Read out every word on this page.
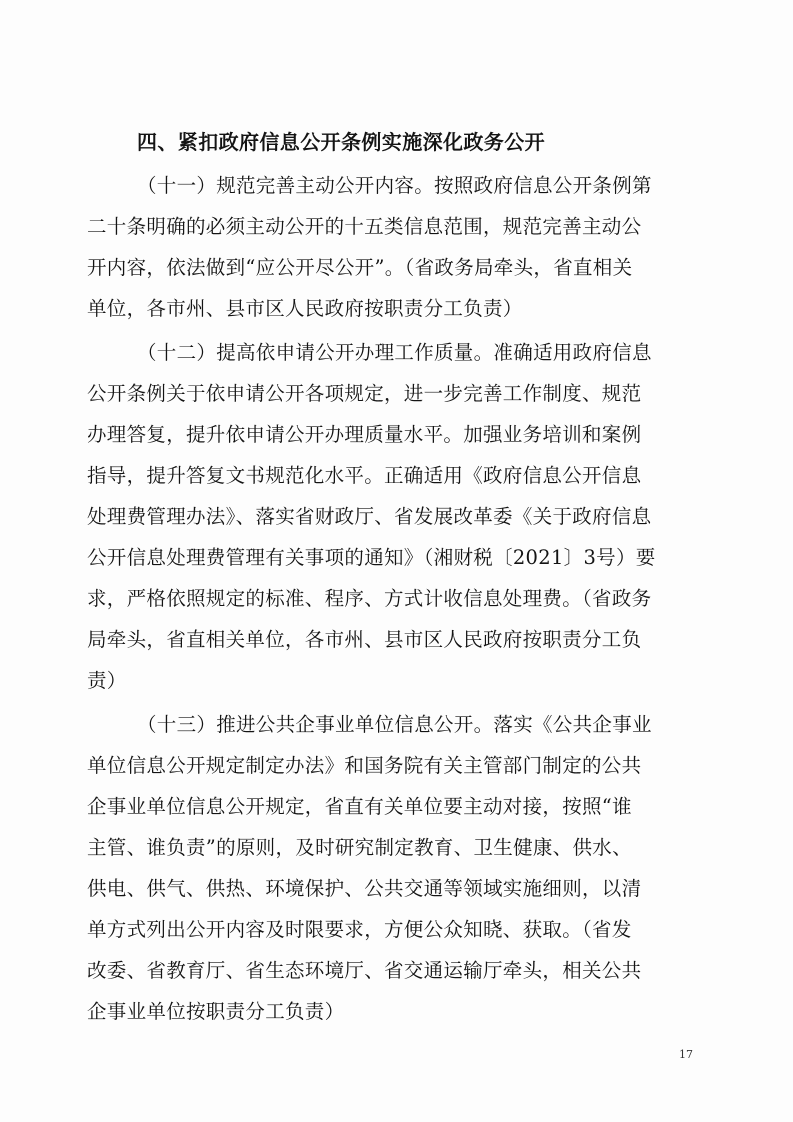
四、紧扣政府信息公开条例实施深化政务公开
（十一）规范完善主动公开内容。按照政府信息公开条例第
二十条明确的必须主动公开的十五类信息范围，规范完善主动公
开内容，依法做到“应公开尽公开”。（省政务局牵头，省直相关
单位，各市州、县市区人民政府按职责分工负责）
（十二）提高依申请公开办理工作质量。准确适用政府信息
公开条例关于依申请公开各项规定，进一步完善工作制度、规范
办理答复，提升依申请公开办理质量水平。加强业务培训和案例
指导，提升答复文书规范化水平。正确适用《政府信息公开信息
处理费管理办法》、落实省财政厅、省发展改革委《关于政府信息
公开信息处理费管理有关事项的通知》（湘财税〔2021〕3号）要
求，严格依照规定的标准、程序、方式计收信息处理费。（省政务
局牵头，省直相关单位，各市州、县市区人民政府按职责分工负
责）
（十三）推进公共企事业单位信息公开。落实《公共企事业
单位信息公开规定制定办法》和国务院有关主管部门制定的公共
企事业单位信息公开规定，省直有关单位要主动对接，按照“谁
主管、谁负责”的原则，及时研究制定教育、卫生健康、供水、
供电、供气、供热、环境保护、公共交通等领域实施细则，以清
单方式列出公开内容及时限要求，方便公众知晓、获取。（省发
改委、省教育厅、省生态环境厅、省交通运输厅牵头，相关公共
企事业单位按职责分工负责）
17
